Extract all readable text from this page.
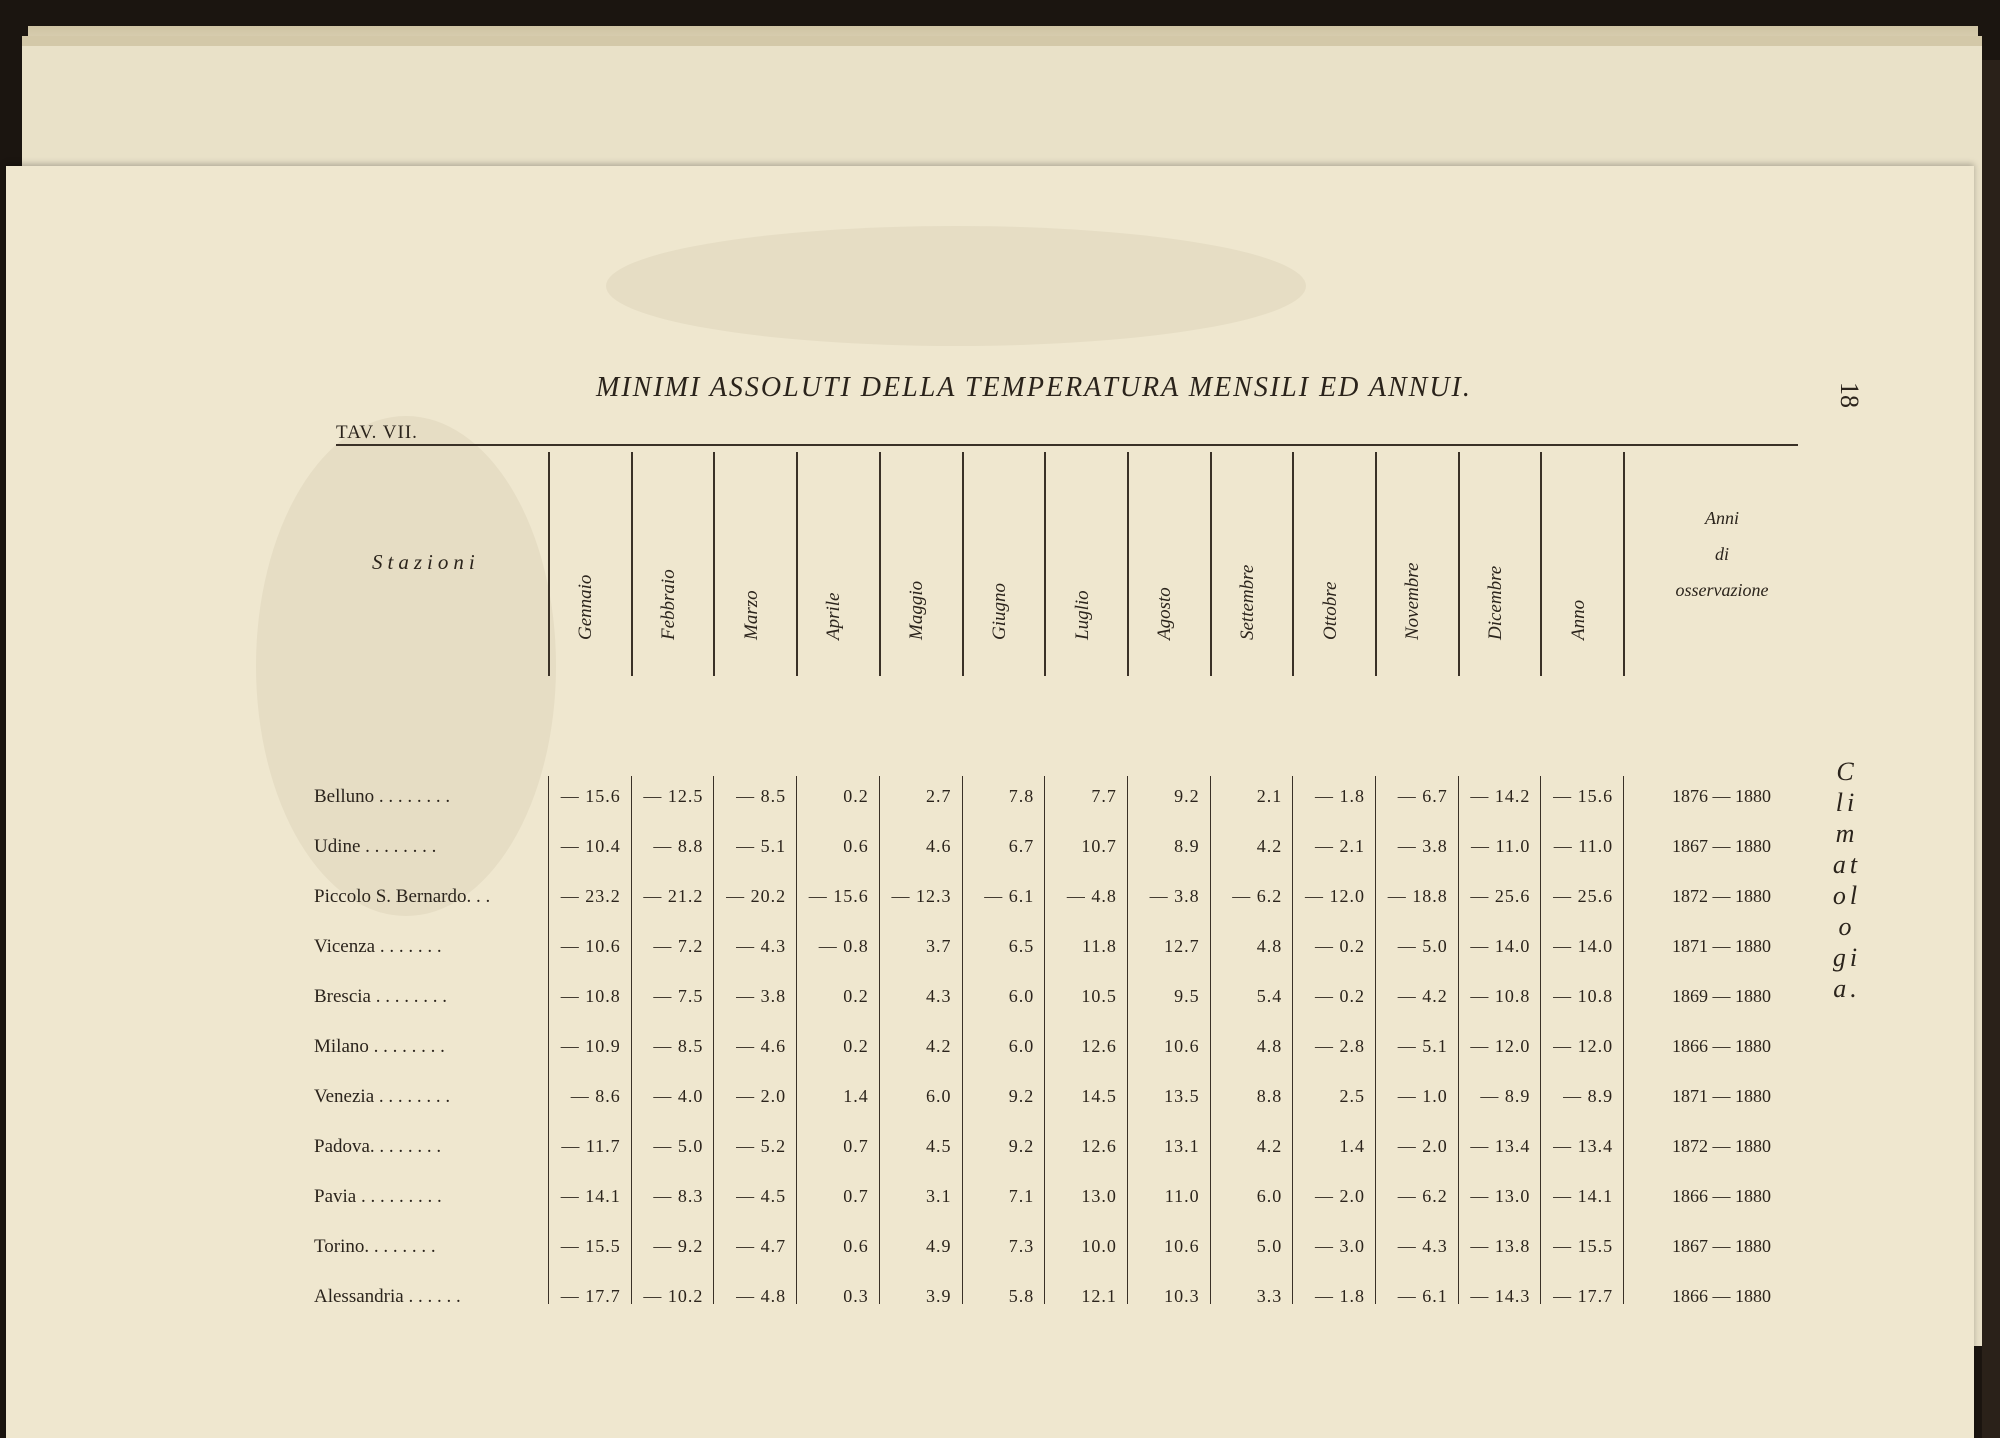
MINIMI ASSOLUTI DELLA TEMPERATURA MENSILI ED ANNUI.
TAV. VII.
18
Climatologia.
Stazioni
Anni
di
osservazione
Gennaio	Febbraio	Marzo	Aprile	Maggio	Giugno	Luglio	Agosto	Settembre	Ottobre	Novembre	Dicembre	Anno
Belluno . . . . . . . .	— 15.6	— 12.5	— 8.5	0.2	2.7	7.8	7.7	9.2	2.1	— 1.8	— 6.7	— 14.2	— 15.6	1876 — 1880
Udine . . . . . . . .	— 10.4	— 8.8	— 5.1	0.6	4.6	6.7	10.7	8.9	4.2	— 2.1	— 3.8	— 11.0	— 11.0	1867 — 1880
Piccolo S. Bernardo. . .	— 23.2	— 21.2	— 20.2	— 15.6	— 12.3	— 6.1	— 4.8	— 3.8	— 6.2	— 12.0	— 18.8	— 25.6	— 25.6	1872 — 1880
Vicenza . . . . . . .	— 10.6	— 7.2	— 4.3	— 0.8	3.7	6.5	11.8	12.7	4.8	— 0.2	— 5.0	— 14.0	— 14.0	1871 — 1880
Brescia . . . . . . . .	— 10.8	— 7.5	— 3.8	0.2	4.3	6.0	10.5	9.5	5.4	— 0.2	— 4.2	— 10.8	— 10.8	1869 — 1880
Milano . . . . . . . .	— 10.9	— 8.5	— 4.6	0.2	4.2	6.0	12.6	10.6	4.8	— 2.8	— 5.1	— 12.0	— 12.0	1866 — 1880
Venezia . . . . . . . .	— 8.6	— 4.0	— 2.0	1.4	6.0	9.2	14.5	13.5	8.8	2.5	— 1.0	— 8.9	— 8.9	1871 — 1880
Padova. . . . . . . .	— 11.7	— 5.0	— 5.2	0.7	4.5	9.2	12.6	13.1	4.2	1.4	— 2.0	— 13.4	— 13.4	1872 — 1880
Pavia . . . . . . . . .	— 14.1	— 8.3	— 4.5	0.7	3.1	7.1	13.0	11.0	6.0	— 2.0	— 6.2	— 13.0	— 14.1	1866 — 1880
Torino. . . . . . . .	— 15.5	— 9.2	— 4.7	0.6	4.9	7.3	10.0	10.6	5.0	— 3.0	— 4.3	— 13.8	— 15.5	1867 — 1880
Alessandria . . . . . .	— 17.7	— 10.2	— 4.8	0.3	3.9	5.8	12.1	10.3	3.3	— 1.8	— 6.1	— 14.3	— 17.7	1866 — 1880
